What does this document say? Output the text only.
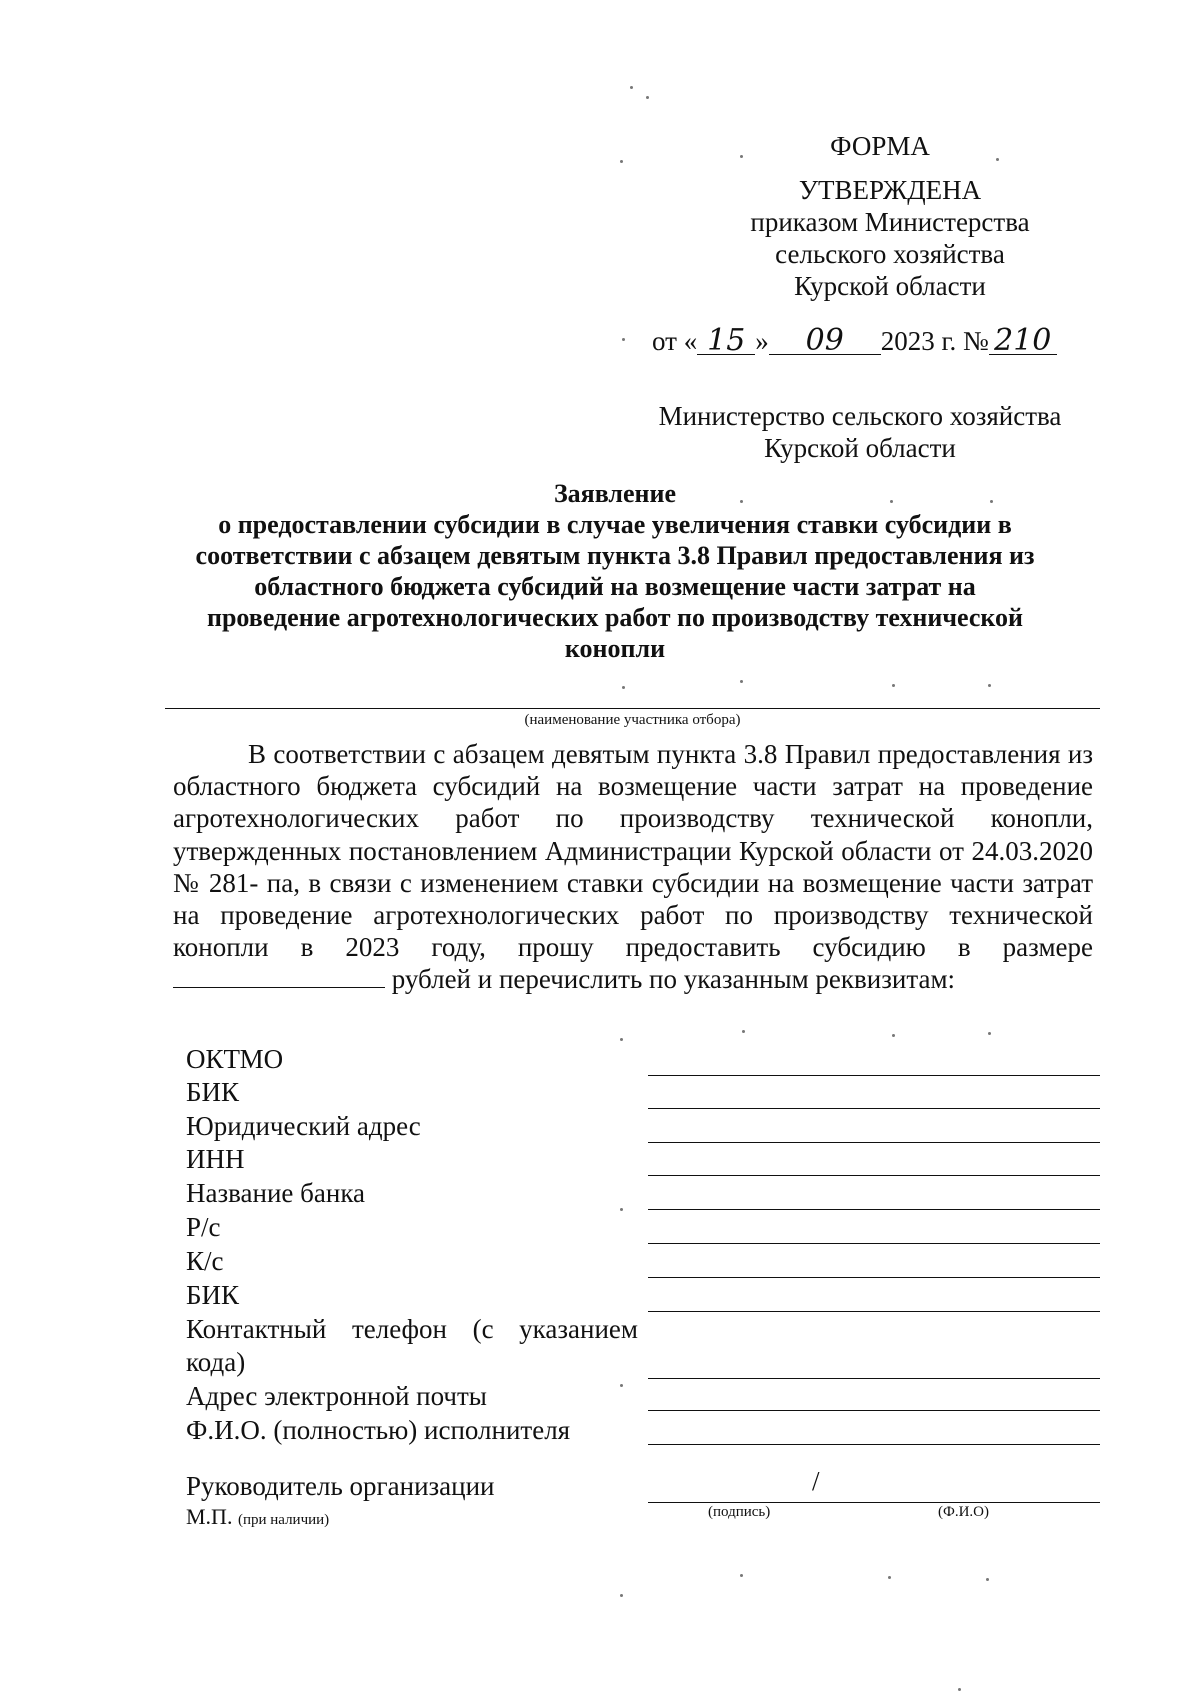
ФОРМА
УТВЕРЖДЕНА
приказом Министерства
сельского хозяйства
Курской области
от « 15 » 09 2023 г. № 210
Министерство сельского хозяйства
Курской области
Заявление
о предоставлении субсидии в случае увеличения ставки субсидии в
соответствии с абзацем девятым пункта 3.8 Правил предоставления из
областного бюджета субсидий на возмещение части затрат на
проведение агротехнологических работ по производству технической
конопли
(наименование участника отбора)
В соответствии с абзацем девятым пункта 3.8 Правил предоставления из областного бюджета субсидий на возмещение части затрат на проведение агротехнологических работ по производству технической конопли, утвержденных постановлением Администрации Курской области от 24.03.2020 № 281- па, в связи с изменением ставки субсидии на возмещение части затрат на проведение агротехнологических работ по производству технической конопли в 2023 году, прошу предоставить субсидию в размере  рублей и перечислить по указанным реквизитам:
ОКТМО
БИК
Юридический адрес
ИНН
Название банка
Р/с
К/с
БИК
Контактный телефон (с указанием
кода)
Адрес электронной почты
Ф.И.О. (полностью) исполнителя
Руководитель организации	/
(подпись)	(Ф.И.О)
М.П. (при наличии)
